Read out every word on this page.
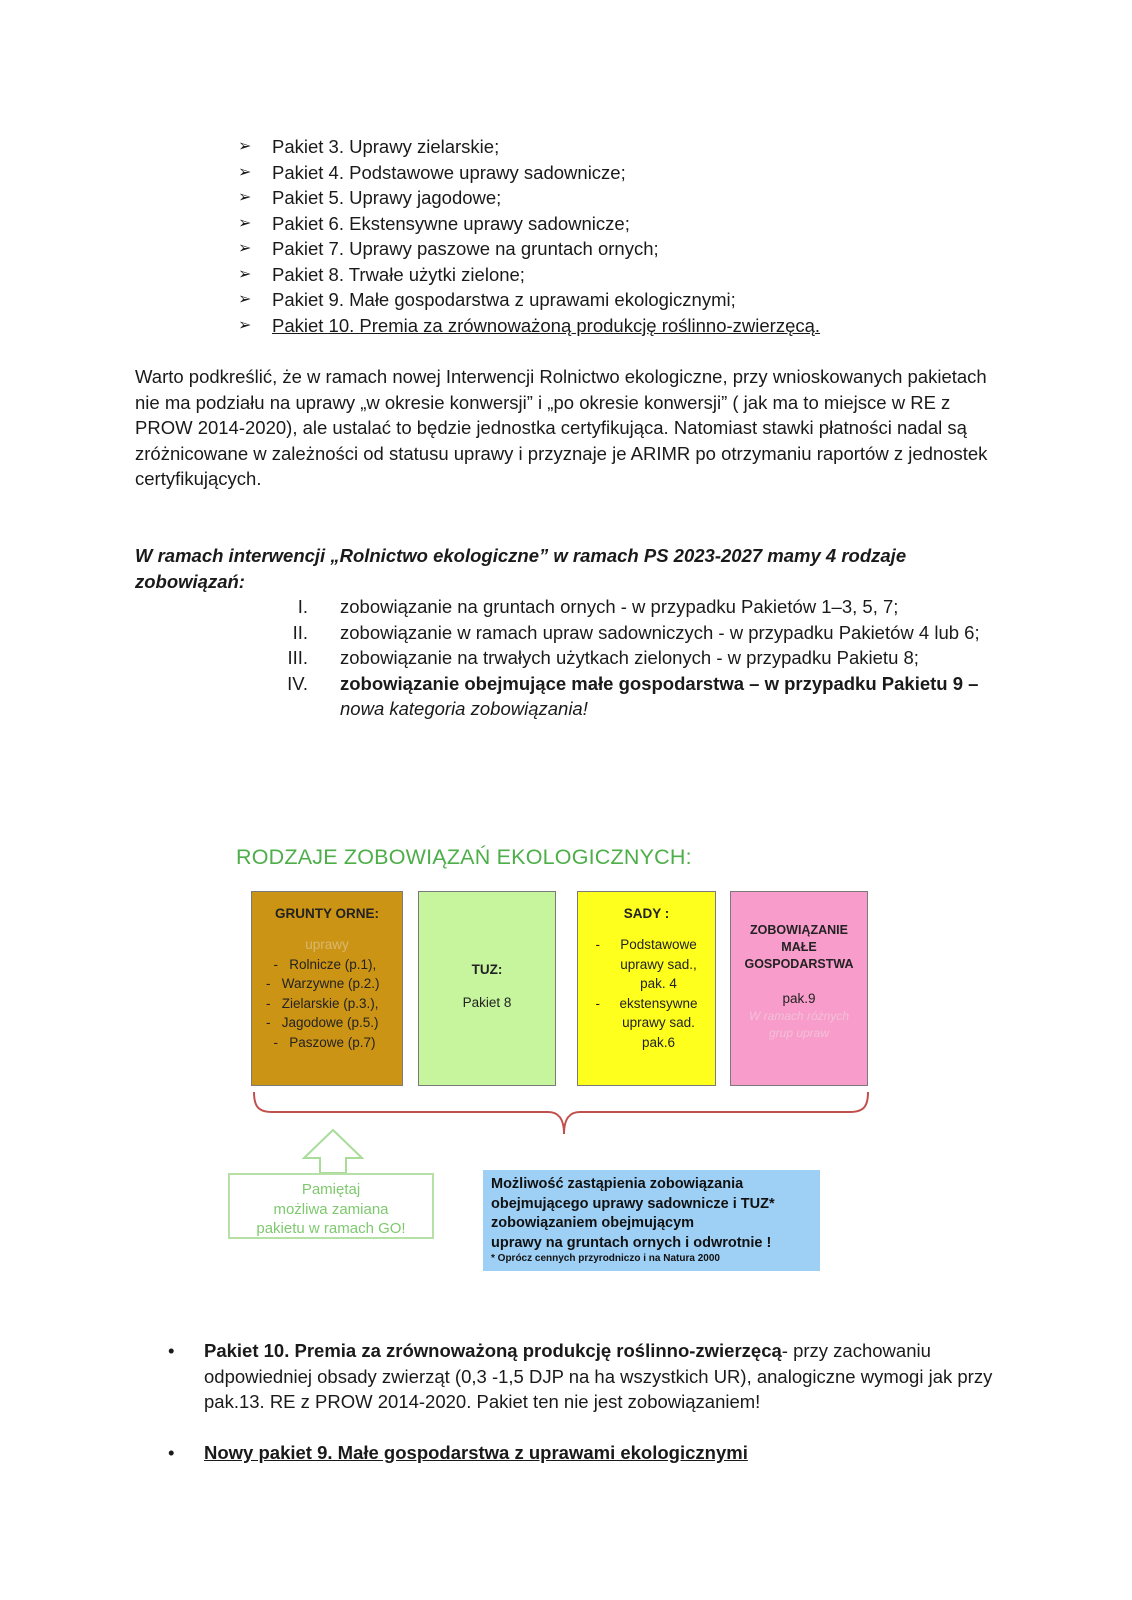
➢ Pakiet 3. Uprawy zielarskie;
➢ Pakiet 4. Podstawowe uprawy sadownicze;
➢ Pakiet 5. Uprawy jagodowe;
➢ Pakiet 6. Ekstensywne uprawy sadownicze;
➢ Pakiet 7. Uprawy paszowe na gruntach ornych;
➢ Pakiet 8. Trwałe użytki zielone;
➢ Pakiet 9. Małe gospodarstwa z uprawami ekologicznymi;
➢ Pakiet 10. Premia za zrównoważoną produkcję roślinno-zwierzęcą.

Warto podkreślić, że w ramach nowej Interwencji Rolnictwo ekologiczne, przy wnioskowanych pakietach nie ma podziału na uprawy „w okresie konwersji” i „po okresie konwersji” ( jak ma to miejsce w RE z PROW 2014-2020), ale ustalać to będzie jednostka certyfikująca. Natomiast stawki płatności nadal są zróżnicowane w zależności od statusu uprawy i przyznaje je ARIMR po otrzymaniu raportów z jednostek certyfikujących.

W ramach interwencji „Rolnictwo ekologiczne” w ramach PS 2023-2027 mamy 4 rodzaje zobowiązań:

I. zobowiązanie na gruntach ornych - w przypadku Pakietów 1–3, 5, 7;
II. zobowiązanie w ramach upraw sadowniczych - w przypadku Pakietów 4 lub 6;
III. zobowiązanie na trwałych użytkach zielonych - w przypadku Pakietu 8;
IV. zobowiązanie obejmujące małe gospodarstwa – w przypadku Pakietu 9 – nowa kategoria zobowiązania!
RODZAJE ZOBOWIĄZAŃ EKOLOGICZNYCH:
GRUNTY ORNE:
uprawy
-   Rolnicze (p.1),
-   Warzywne (p.2.)
-   Zielarskie (p.3.),
-   Jagodowe (p.5.)
-   Paszowe (p.7)
TUZ:
Pakiet 8
SADY :
-	Podstawowe uprawy sad., pak. 4
-	ekstensywne uprawy sad. pak.6
ZOBOWIĄZANIE
MAŁE
GOSPODARSTWA
pak.9
W ramach różnych grup upraw
Pamiętaj
możliwa zamiana
pakietu w ramach GO!
Możliwość zastąpienia zobowiązania
obejmującego uprawy sadownicze i TUZ*
zobowiązaniem obejmującym
uprawy na gruntach ornych i odwrotnie !
* Oprócz cennych przyrodniczo i na Natura 2000
• Pakiet 10. Premia za zrównoważoną produkcję roślinno-zwierzęcą- przy zachowaniu odpowiedniej obsady zwierząt (0,3 -1,5 DJP na ha wszystkich UR), analogiczne wymogi jak przy pak.13. RE z PROW 2014-2020. Pakiet ten nie jest zobowiązaniem!
• Nowy pakiet 9. Małe gospodarstwa z uprawami ekologicznymi
